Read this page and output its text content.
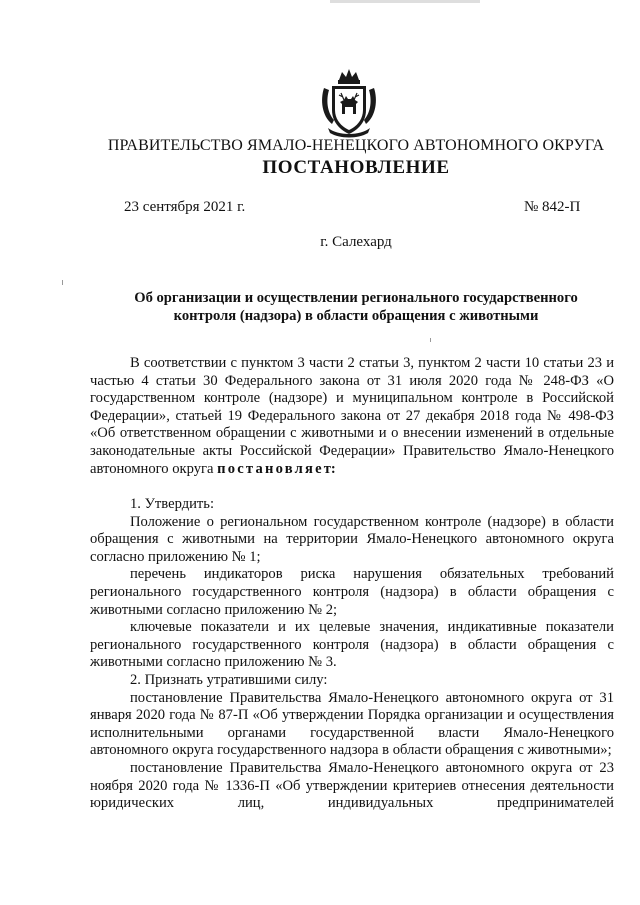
ПРАВИТЕЛЬСТВО ЯМАЛО-НЕНЕЦКОГО АВТОНОМНОГО ОКРУГА
ПОСТАНОВЛЕНИЕ
23 сентября 2021 г.	№ 842-П
г. Салехард
Об организации и осуществлении регионального государственного
контроля (надзора) в области обращения с животными

В соответствии с пунктом 3 части 2 статьи 3, пунктом 2 части 10 статьи 23 и частью 4 статьи 30 Федерального закона от 31 июля 2020 года № 248-ФЗ «О государственном контроле (надзоре) и муниципальном контроле в Российской Федерации», статьей 19 Федерального закона от 27 декабря 2018 года № 498-ФЗ «Об ответственном обращении с животными и о внесении изменений в отдельные законодательные акты Российской Федерации» Правительство Ямало-Ненецкого автономного округа постановляет:

1. Утвердить:

Положение о региональном государственном контроле (надзоре) в области обращения с животными на территории Ямало-Ненецкого автономного округа согласно приложению № 1;

перечень индикаторов риска нарушения обязательных требований регионального государственного контроля (надзора) в области обращения с животными согласно приложению № 2;

ключевые показатели и их целевые значения, индикативные показатели регионального государственного контроля (надзора) в области обращения с животными согласно приложению № 3.

2. Признать утратившими силу:

постановление Правительства Ямало-Ненецкого автономного округа от 31 января 2020 года № 87-П «Об утверждении Порядка организации и осуществления исполнительными органами государственной власти Ямало-Ненецкого автономного округа государственного надзора в области обращения с животными»;

постановление Правительства Ямало-Ненецкого автономного округа от 23 ноября 2020 года № 1336-П «Об утверждении критериев отнесения деятельности юридических лиц, индивидуальных предпринимателей
